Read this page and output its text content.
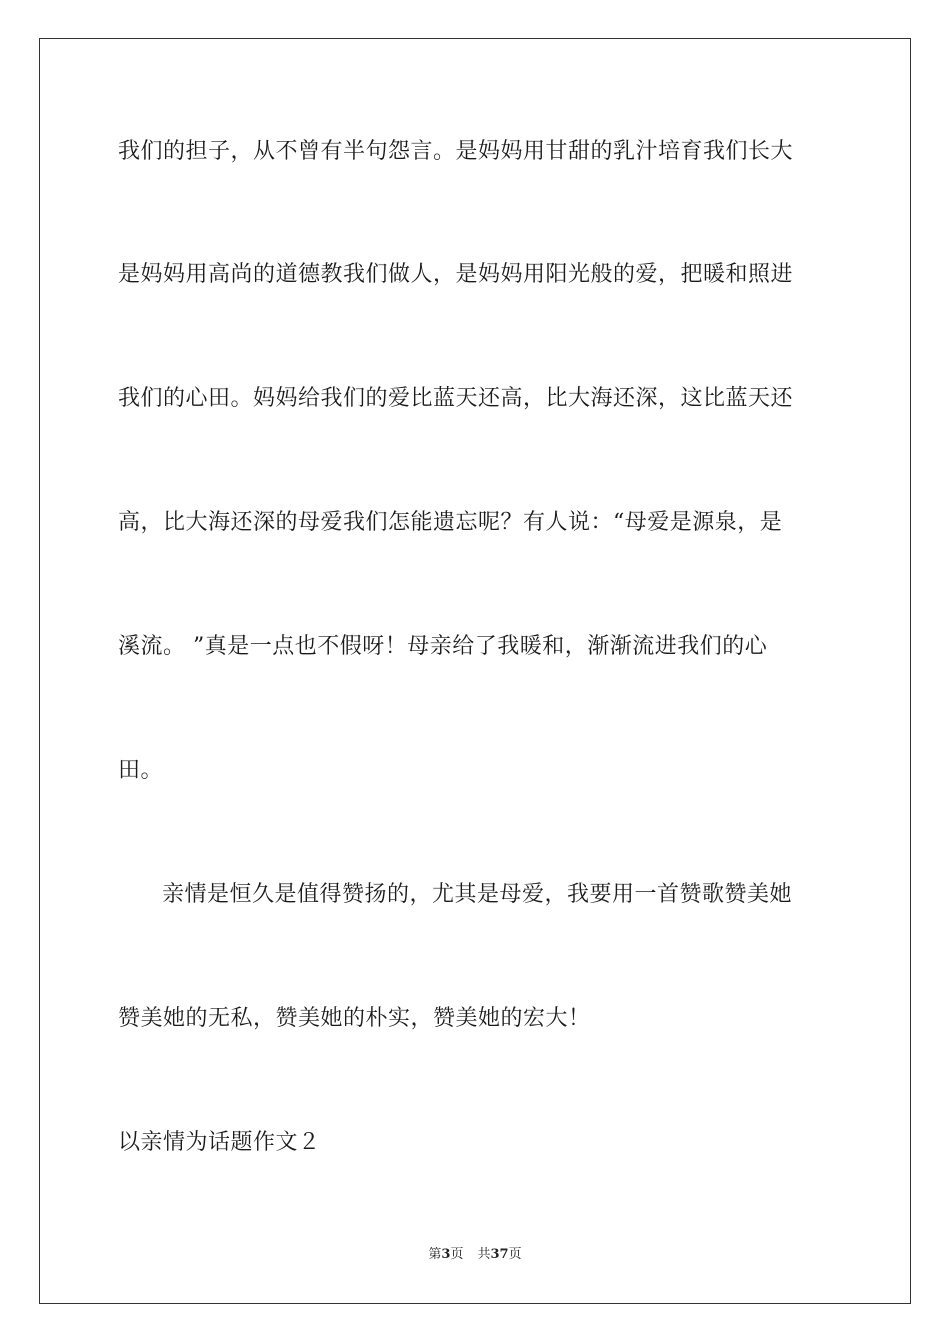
我们的担子，从不曾有半句怨言。是妈妈用甘甜的乳汁培育我们长大
是妈妈用高尚的道德教我们做人，是妈妈用阳光般的爱，把暖和照进
我们的心田。妈妈给我们的爱比蓝天还高，比大海还深，这比蓝天还
高，比大海还深的母爱我们怎能遗忘呢？有人说：“母爱是源泉，是
溪流。 ”真是一点也不假呀！母亲给了我暖和，渐渐流进我们的心
田。
亲情是恒久是值得赞扬的，尤其是母爱，我要用一首赞歌赞美她
赞美她的无私，赞美她的朴实，赞美她的宏大！
以亲情为话题作文２
第3页 共37页
